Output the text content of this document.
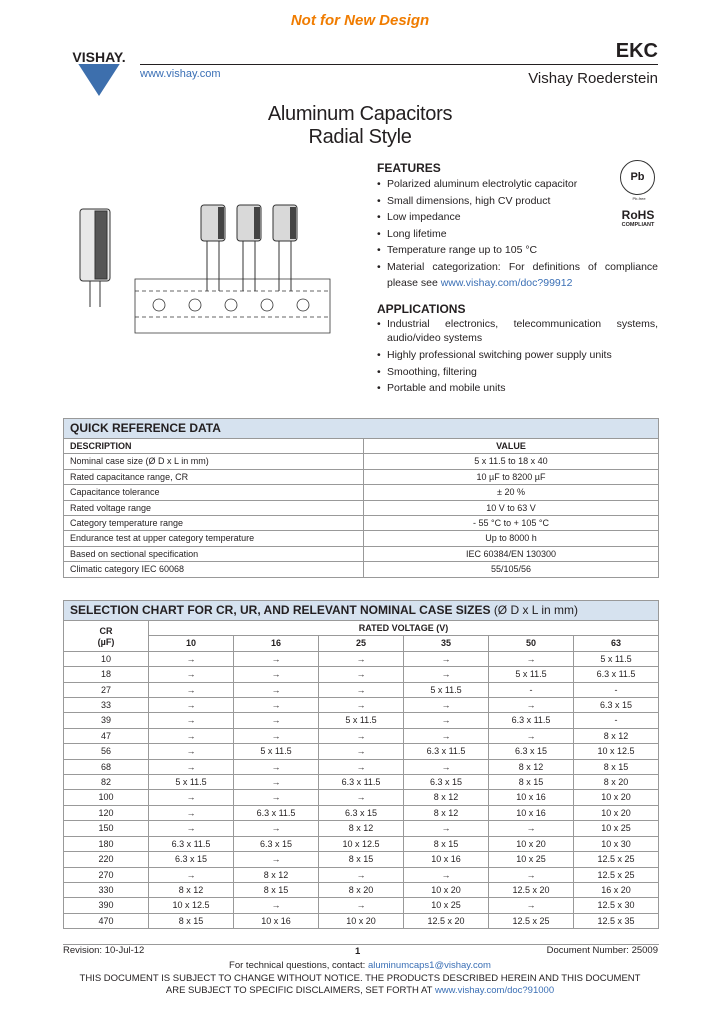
Not for New Design
VISHAY.
www.vishay.com
EKC
Vishay Roederstein
Aluminum Capacitors
Radial Style
FEATURES
• Polarized aluminum electrolytic capacitor
• Small dimensions, high CV product
• Low impedance
• Long lifetime
• Temperature range up to 105 °C
• Material categorization: For definitions of compliance please see www.vishay.com/doc?99912
Pb
Pb-free
RoHS
COMPLIANT
APPLICATIONS
• Industrial electronics, telecommunication systems, audio/video systems
• Highly professional switching power supply units
• Smoothing, filtering
• Portable and mobile units
QUICK REFERENCE DATA	
DESCRIPTION	VALUE
Nominal case size (Ø D x L in mm)	5 x 11.5 to 18 x 40
Rated capacitance range, CR	10 µF to 8200 µF
Capacitance tolerance	± 20 %
Rated voltage range	10 V to 63 V
Category temperature range	- 55 °C to + 105 °C
Endurance test at upper category temperature	Up to 8000 h
Based on sectional specification	IEC 60384/EN 130300
Climatic category IEC 60068	55/105/56
SELECTION CHART FOR CR, UR, AND RELEVANT NOMINAL CASE SIZES (Ø D x L in mm)						
CR
(µF)	RATED VOLTAGE (V)					
	10	16	25	35	50	63
10	→	→	→	→	→	5 x 11.5
18	→	→	→	→	5 x 11.5	6.3 x 11.5
27	→	→	→	5 x 11.5	-	-
33	→	→	→	→	→	6.3 x 15
39	→	→	5 x 11.5	→	6.3 x 11.5	-
47	→	→	→	→	→	8 x 12
56	→	5 x 11.5	→	6.3 x 11.5	6.3 x 15	10 x 12.5
68	→	→	→	→	8 x 12	8 x 15
82	5 x 11.5	→	6.3 x 11.5	6.3 x 15	8 x 15	8 x 20
100	→	→	→	8 x 12	10 x 16	10 x 20
120	→	6.3 x 11.5	6.3 x 15	8 x 12	10 x 16	10 x 20
150	→	→	8 x 12	→	→	10 x 25
180	6.3 x 11.5	6.3 x 15	10 x 12.5	8 x 15	10 x 20	10 x 30
220	6.3 x 15	→	8 x 15	10 x 16	10 x 25	12.5 x 25
270	→	8 x 12	→	→	→	12.5 x 25
330	8 x 12	8 x 15	8 x 20	10 x 20	12.5 x 20	16 x 20
390	10 x 12.5	→	→	10 x 25	→	12.5 x 30
470	8 x 15	10 x 16	10 x 20	12.5 x 20	12.5 x 25	12.5 x 35
Revision: 10-Jul-12	1	Document Number: 25009
For technical questions, contact: aluminumcaps1@vishay.com
THIS DOCUMENT IS SUBJECT TO CHANGE WITHOUT NOTICE. THE PRODUCTS DESCRIBED HEREIN AND THIS DOCUMENT
ARE SUBJECT TO SPECIFIC DISCLAIMERS, SET FORTH AT www.vishay.com/doc?91000
